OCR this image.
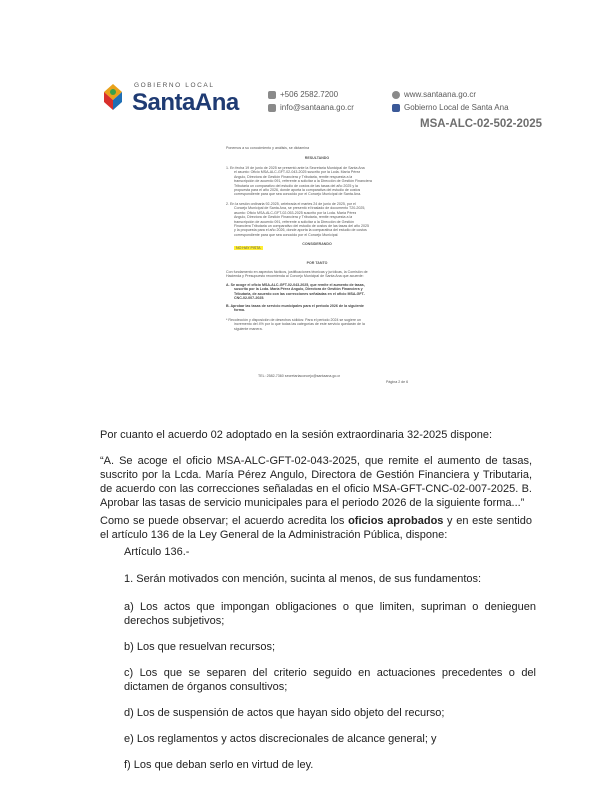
GOBIERNO LOCAL
SantaAna	+506 2582.7200
info@santaana.go.cr
www.santaana.go.cr
Gobierno Local de Santa Ana
MSA-ALC-02-502-2025
Ponemos a su conocimiento y análisis, se dictamina
RESULTANDO
1. En fecha 19 de junio de 2025 se presentó ante la Secretaría Municipal de Santa Ana
el asunto: Oficio MSA-ALC-GFT-02-043-2025 suscrito por la Lcda. María Pérez
Angulo, Directora de Gestión Financiera y Tributaria, remite respuesta a la
transcripción de acuerdo 091, referente a solicitar a la Dirección de Gestión Financiera
Tributaria un comparativo del estudio de costos de las tasas del año 2025 y la
propuesta para el año 2026, donde aporta la comparativa del estudio de costos
correspondiente para que sea conocido por el Concejo Municipal de Santa Ana.
2. En la sesión ordinaria 92-2025, celebrada el martes 24 de junio de 2025, por el
Concejo Municipal de Santa Ana, se presentó el traslado de documento T20-2025,
asunto: Oficio MSA-ALC-GFT-02-053-2025 suscrito por la Lcda. María Pérez
Angulo, Directora de Gestión Financiera y Tributaria, remite respuesta a la
transcripción de acuerdo 091, referente a solicitar a la Dirección de Gestión
Financiera Tributaria un comparativo del estudio de costos de las tasas del año 2025
y la propuesta para el año 2026, donde aporta la comparativa del estudio de costos
correspondiente para que sea conocido por el Concejo Municipal.
NO HAY PISTA
CONSIDERANDO
POR TANTO
Con fundamento en aspectos fácticos, justificaciones técnicas y jurídicas, la Comisión de
Hacienda y Presupuesto recomienda al Concejo Municipal de Santa Ana que acuerde:
A. Se acoge el oficio MSA-ALC-GFT-02-043-2025, que remite el aumento de tasas,
suscrito por la Lcda. María Pérez Angulo, Directora de Gestión Financiera y
Tributaria, de acuerdo con las correcciones señaladas en el oficio MSA-GFT-
CNC-02-007-2025.
B. Aprobar las tasas de servicio municipales para el periodo 2026 de la siguiente
forma.
* Recolección y disposición de desechos sólidos: Para el periodo 2024 se sugiere un
incremento del 4% por lo que todas las categorías de este servicio quedarán de la
siguiente manera.
TEL: 2582-7360 secretariaconcejo@santaana.go.cr
Página 2 de 6
Por cuanto el acuerdo 02 adoptado en la sesión extraordinaria 32-2025 dispone:
“A. Se acoge el oficio MSA-ALC-GFT-02-043-2025, que remite el aumento de tasas, suscrito por la Lcda. María Pérez Angulo, Directora de Gestión Financiera y Tributaria, de acuerdo con las correcciones señaladas en el oficio MSA-GFT-CNC-02-007-2025. B. Aprobar las tasas de servicio municipales para el periodo 2026 de la siguiente forma...”
Como se puede observar; el acuerdo acredita los oficios aprobados y en este sentido el artículo 136 de la Ley General de la Administración Pública, dispone:
Artículo 136.-
1. Serán motivados con mención, sucinta al menos, de sus fundamentos:
a) Los actos que impongan obligaciones o que limiten, supriman o denieguen derechos subjetivos;
b) Los que resuelvan recursos;
c) Los que se separen del criterio seguido en actuaciones precedentes o del dictamen de órganos consultivos;
d) Los de suspensión de actos que hayan sido objeto del recurso;
e) Los reglamentos y actos discrecionales de alcance general; y
f) Los que deban serlo en virtud de ley.
